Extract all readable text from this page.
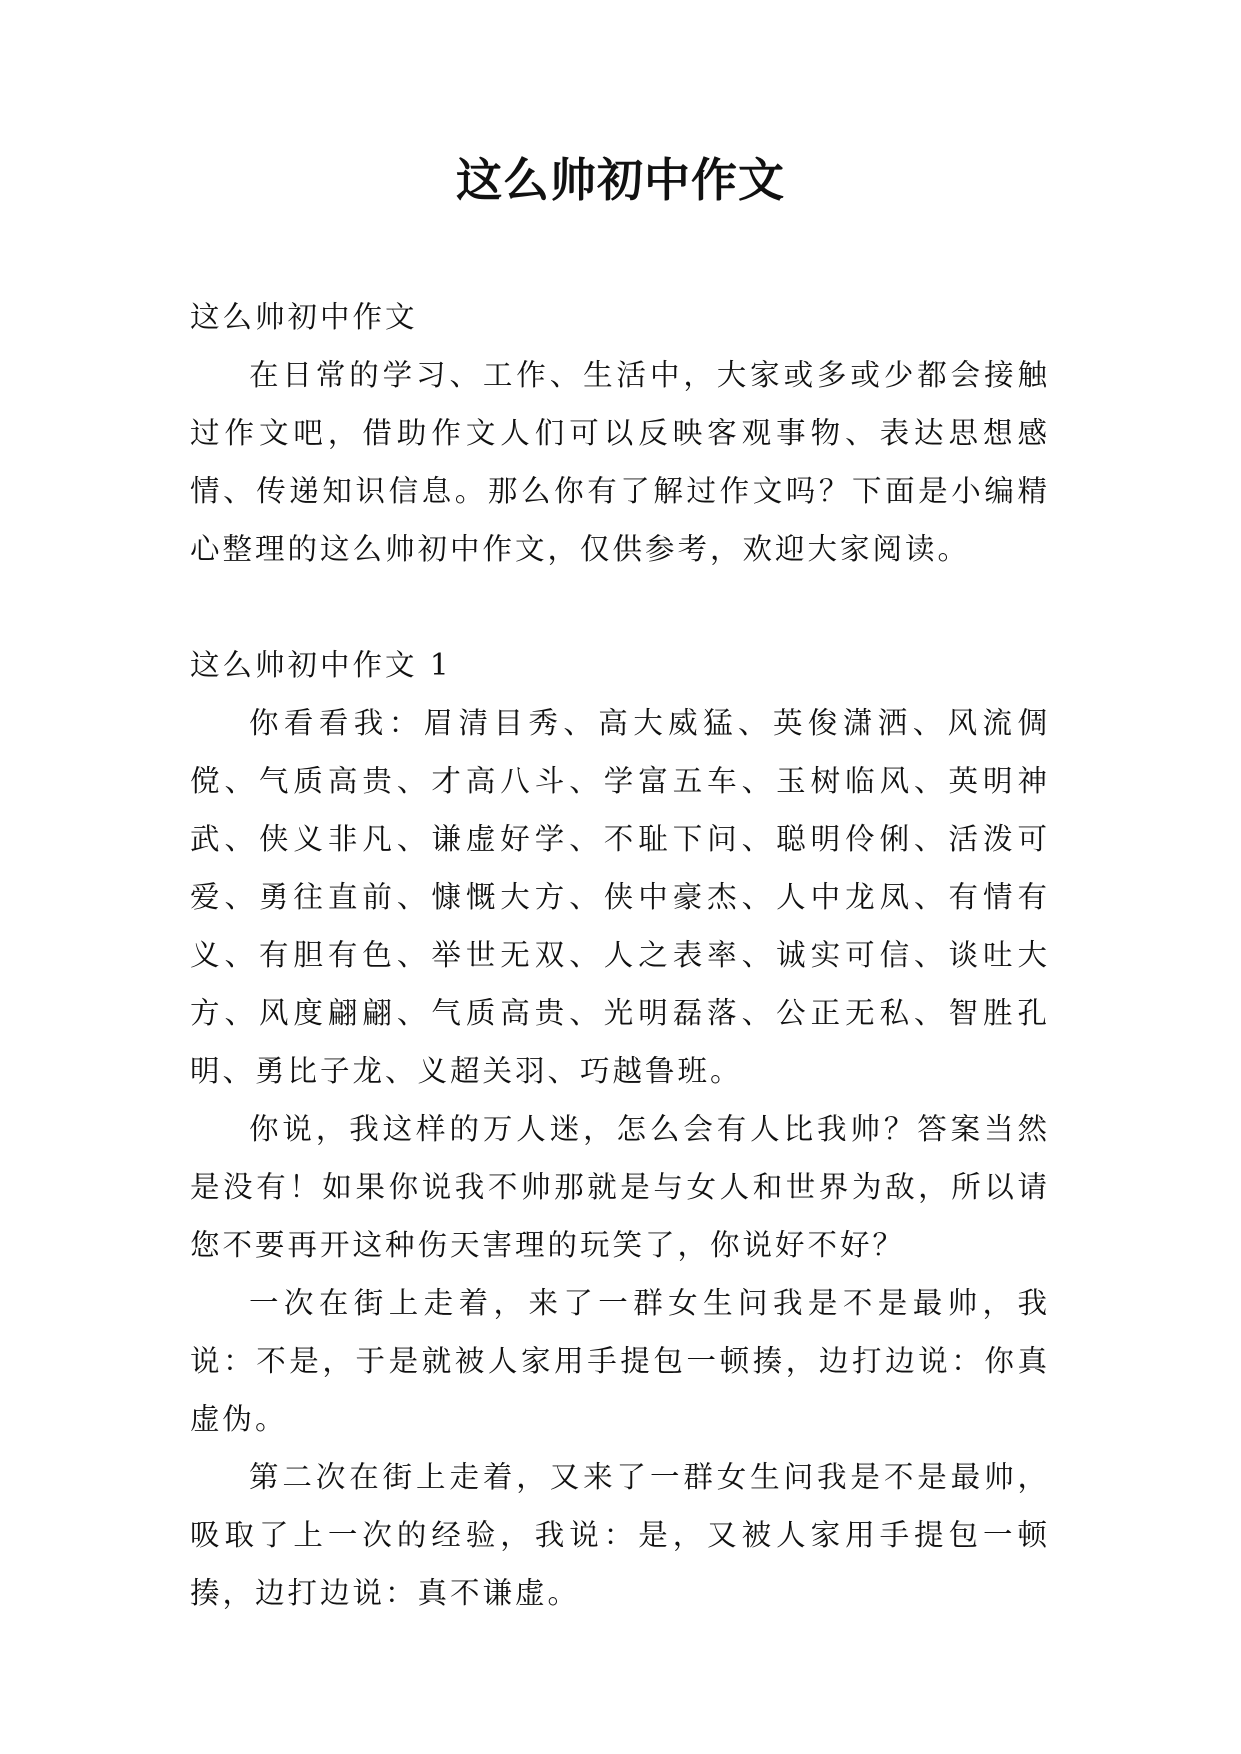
这么帅初中作文

这么帅初中作文

在日常的学习、工作、生活中，大家或多或少都会接触过作文吧，借助作文人们可以反映客观事物、表达思想感情、传递知识信息。那么你有了解过作文吗？下面是小编精心整理的这么帅初中作文，仅供参考，欢迎大家阅读。

这么帅初中作文 1

你看看我：眉清目秀、高大威猛、英俊潇洒、风流倜傥、气质高贵、才高八斗、学富五车、玉树临风、英明神武、侠义非凡、谦虚好学、不耻下问、聪明伶俐、活泼可爱、勇往直前、慷慨大方、侠中豪杰、人中龙凤、有情有义、有胆有色、举世无双、人之表率、诚实可信、谈吐大方、风度翩翩、气质高贵、光明磊落、公正无私、智胜孔明、勇比子龙、义超关羽、巧越鲁班。

你说，我这样的万人迷，怎么会有人比我帅？答案当然是没有！如果你说我不帅那就是与女人和世界为敌，所以请您不要再开这种伤天害理的玩笑了，你说好不好？

一次在街上走着，来了一群女生问我是不是最帅，我说：不是，于是就被人家用手提包一顿揍，边打边说：你真虚伪。

第二次在街上走着，又来了一群女生问我是不是最帅，吸取了上一次的经验，我说：是，又被人家用手提包一顿揍，边打边说：真不谦虚。
